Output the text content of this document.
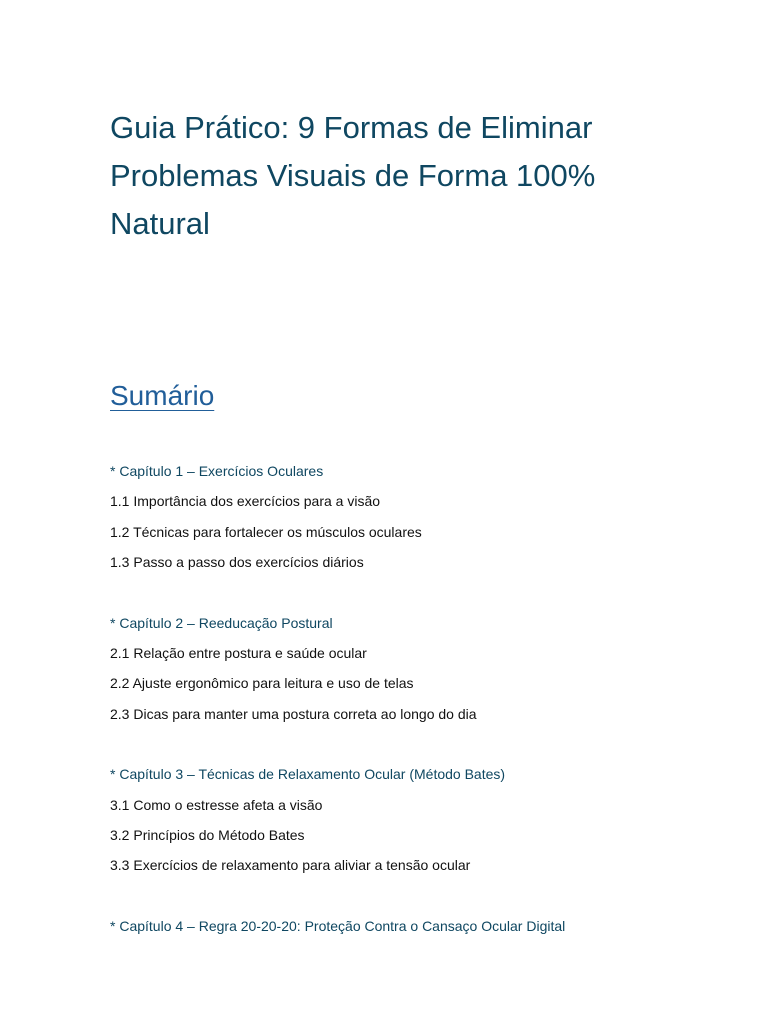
Guia Prático: 9 Formas de Eliminar Problemas Visuais de Forma 100% Natural
Sumário
* Capítulo 1 – Exercícios Oculares
1.1 Importância dos exercícios para a visão
1.2 Técnicas para fortalecer os músculos oculares
1.3 Passo a passo dos exercícios diários
* Capítulo 2 – Reeducação Postural
2.1 Relação entre postura e saúde ocular
2.2 Ajuste ergonômico para leitura e uso de telas
2.3 Dicas para manter uma postura correta ao longo do dia
* Capítulo 3 – Técnicas de Relaxamento Ocular (Método Bates)
3.1 Como o estresse afeta a visão
3.2 Princípios do Método Bates
3.3 Exercícios de relaxamento para aliviar a tensão ocular
* Capítulo 4 – Regra 20-20-20: Proteção Contra o Cansaço Ocular Digital
